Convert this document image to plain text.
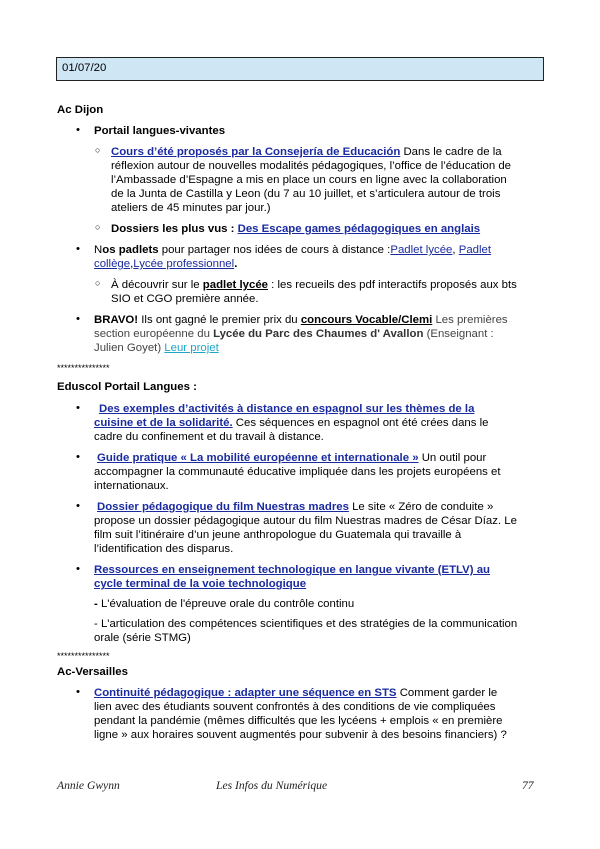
01/07/20
Ac Dijon
• Portail langues-vivantes
○ Cours d’été proposés par la Consejería de Educación Dans le cadre de la
réflexion autour de nouvelles modalités pédagogiques, l’office de l’éducation de
l’Ambassade d’Espagne a mis en place un cours en ligne avec la collaboration
de la Junta de Castilla y Leon (du 7 au 10 juillet, et s’articulera autour de trois
ateliers de 45 minutes par jour.)
○ Dossiers les plus vus : Des Escape games pédagogiques en anglais
• Nos padlets pour partager nos idées de cours à distance :Padlet lycée, Padlet
collège,Lycée professionnel.
○ À découvrir sur le padlet lycée : les recueils des pdf interactifs proposés aux bts
SIO et CGO première année.
• BRAVO! Ils ont gagné le premier prix du concours Vocable/Clemi Les premières
section européenne du Lycée du Parc des Chaumes d' Avallon (Enseignant :
Julien Goyet) Leur projet
***************
Eduscol Portail Langues :
• Des exemples d’activités à distance en espagnol sur les thèmes de la
cuisine et de la solidarité. Ces séquences en espagnol ont été crées dans le
cadre du confinement et du travail à distance.
• Guide pratique « La mobilité européenne et internationale » Un outil pour
accompagner la communauté éducative impliquée dans les projets européens et
internationaux.
• Dossier pédagogique du film Nuestras madres Le site « Zéro de conduite »
propose un dossier pédagogique autour du film Nuestras madres de César Díaz. Le
film suit l’itinéraire d’un jeune anthropologue du Guatemala qui travaille à
l’identification des disparus.
• Ressources en enseignement technologique en langue vivante (ETLV) au
cycle terminal de la voie technologique
- L'évaluation de l'épreuve orale du contrôle continu
- L'articulation des compétences scientifiques et des stratégies de la communication
orale (série STMG)
***************
Ac-Versailles
• Continuité pédagogique : adapter une séquence en STS Comment garder le
lien avec des étudiants souvent confrontés à des conditions de vie compliquées
pendant la pandémie (mêmes difficultés que les lycéens + emplois « en première
ligne » aux horaires souvent augmentés pour subvenir à des besoins financiers) ?
Annie Gwynn	Les Infos du Numérique	77
